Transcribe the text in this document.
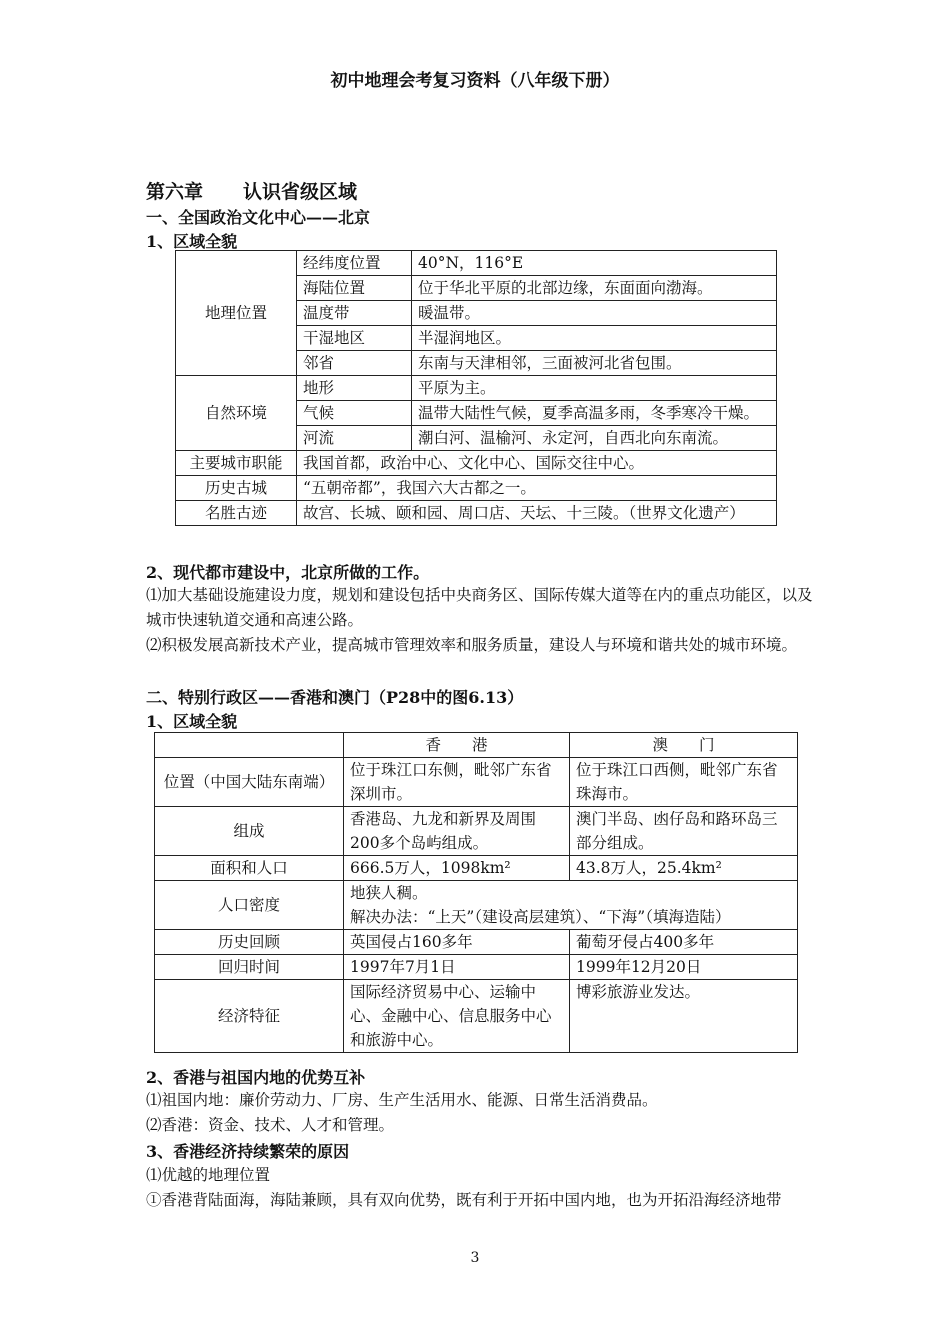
初中地理会考复习资料（八年级下册）
第六章 认识省级区域
一、全国政治文化中心——北京
1、区域全貌
地理位置	经纬度位置	40°N，116°E
	海陆位置	位于华北平原的北部边缘，东面面向渤海。
	温度带	暖温带。
	干湿地区	半湿润地区。
	邻省	东南与天津相邻，三面被河北省包围。
自然环境	地形	平原为主。
	气候	温带大陆性气候，夏季高温多雨，冬季寒冷干燥。
	河流	潮白河、温榆河、永定河，自西北向东南流。
主要城市职能	我国首都，政治中心、文化中心、国际交往中心。	
历史古城	“五朝帝都”，我国六大古都之一。	
名胜古迹	故宫、长城、颐和园、周口店、天坛、十三陵。（世界文化遗产）	
2、现代都市建设中，北京所做的工作。
⑴加大基础设施建设力度，规划和建设包括中央商务区、国际传媒大道等在内的重点功能区，以及城市快速轨道交通和高速公路。
⑵积极发展高新技术产业，提高城市管理效率和服务质量，建设人与环境和谐共处的城市环境。
二、特别行政区——香港和澳门（P28中的图6.13）
1、区域全貌
	香　　港	澳　　门
位置（中国大陆东南端）	位于珠江口东侧，毗邻广东省深圳市。	位于珠江口西侧，毗邻广东省珠海市。
组成	香港岛、九龙和新界及周围200多个岛屿组成。	澳门半岛、凼仔岛和路环岛三部分组成。
面积和人口	666.5万人，1098km²	43.8万人，25.4km²
人口密度	地狭人稠。
解决办法：“上天”（建设高层建筑）、“下海”（填海造陆）	

历史回顾	英国侵占160多年	葡萄牙侵占400多年
回归时间	1997年7月1日	1999年12月20日
经济特征	国际经济贸易中心、运输中心、金融中心、信息服务中心和旅游中心。	博彩旅游业发达。
2、香港与祖国内地的优势互补
⑴祖国内地：廉价劳动力、厂房、生产生活用水、能源、日常生活消费品。
⑵香港：资金、技术、人才和管理。
3、香港经济持续繁荣的原因
⑴优越的地理位置
①香港背陆面海，海陆兼顾，具有双向优势，既有利于开拓中国内地，也为开拓沿海经济地带
3
